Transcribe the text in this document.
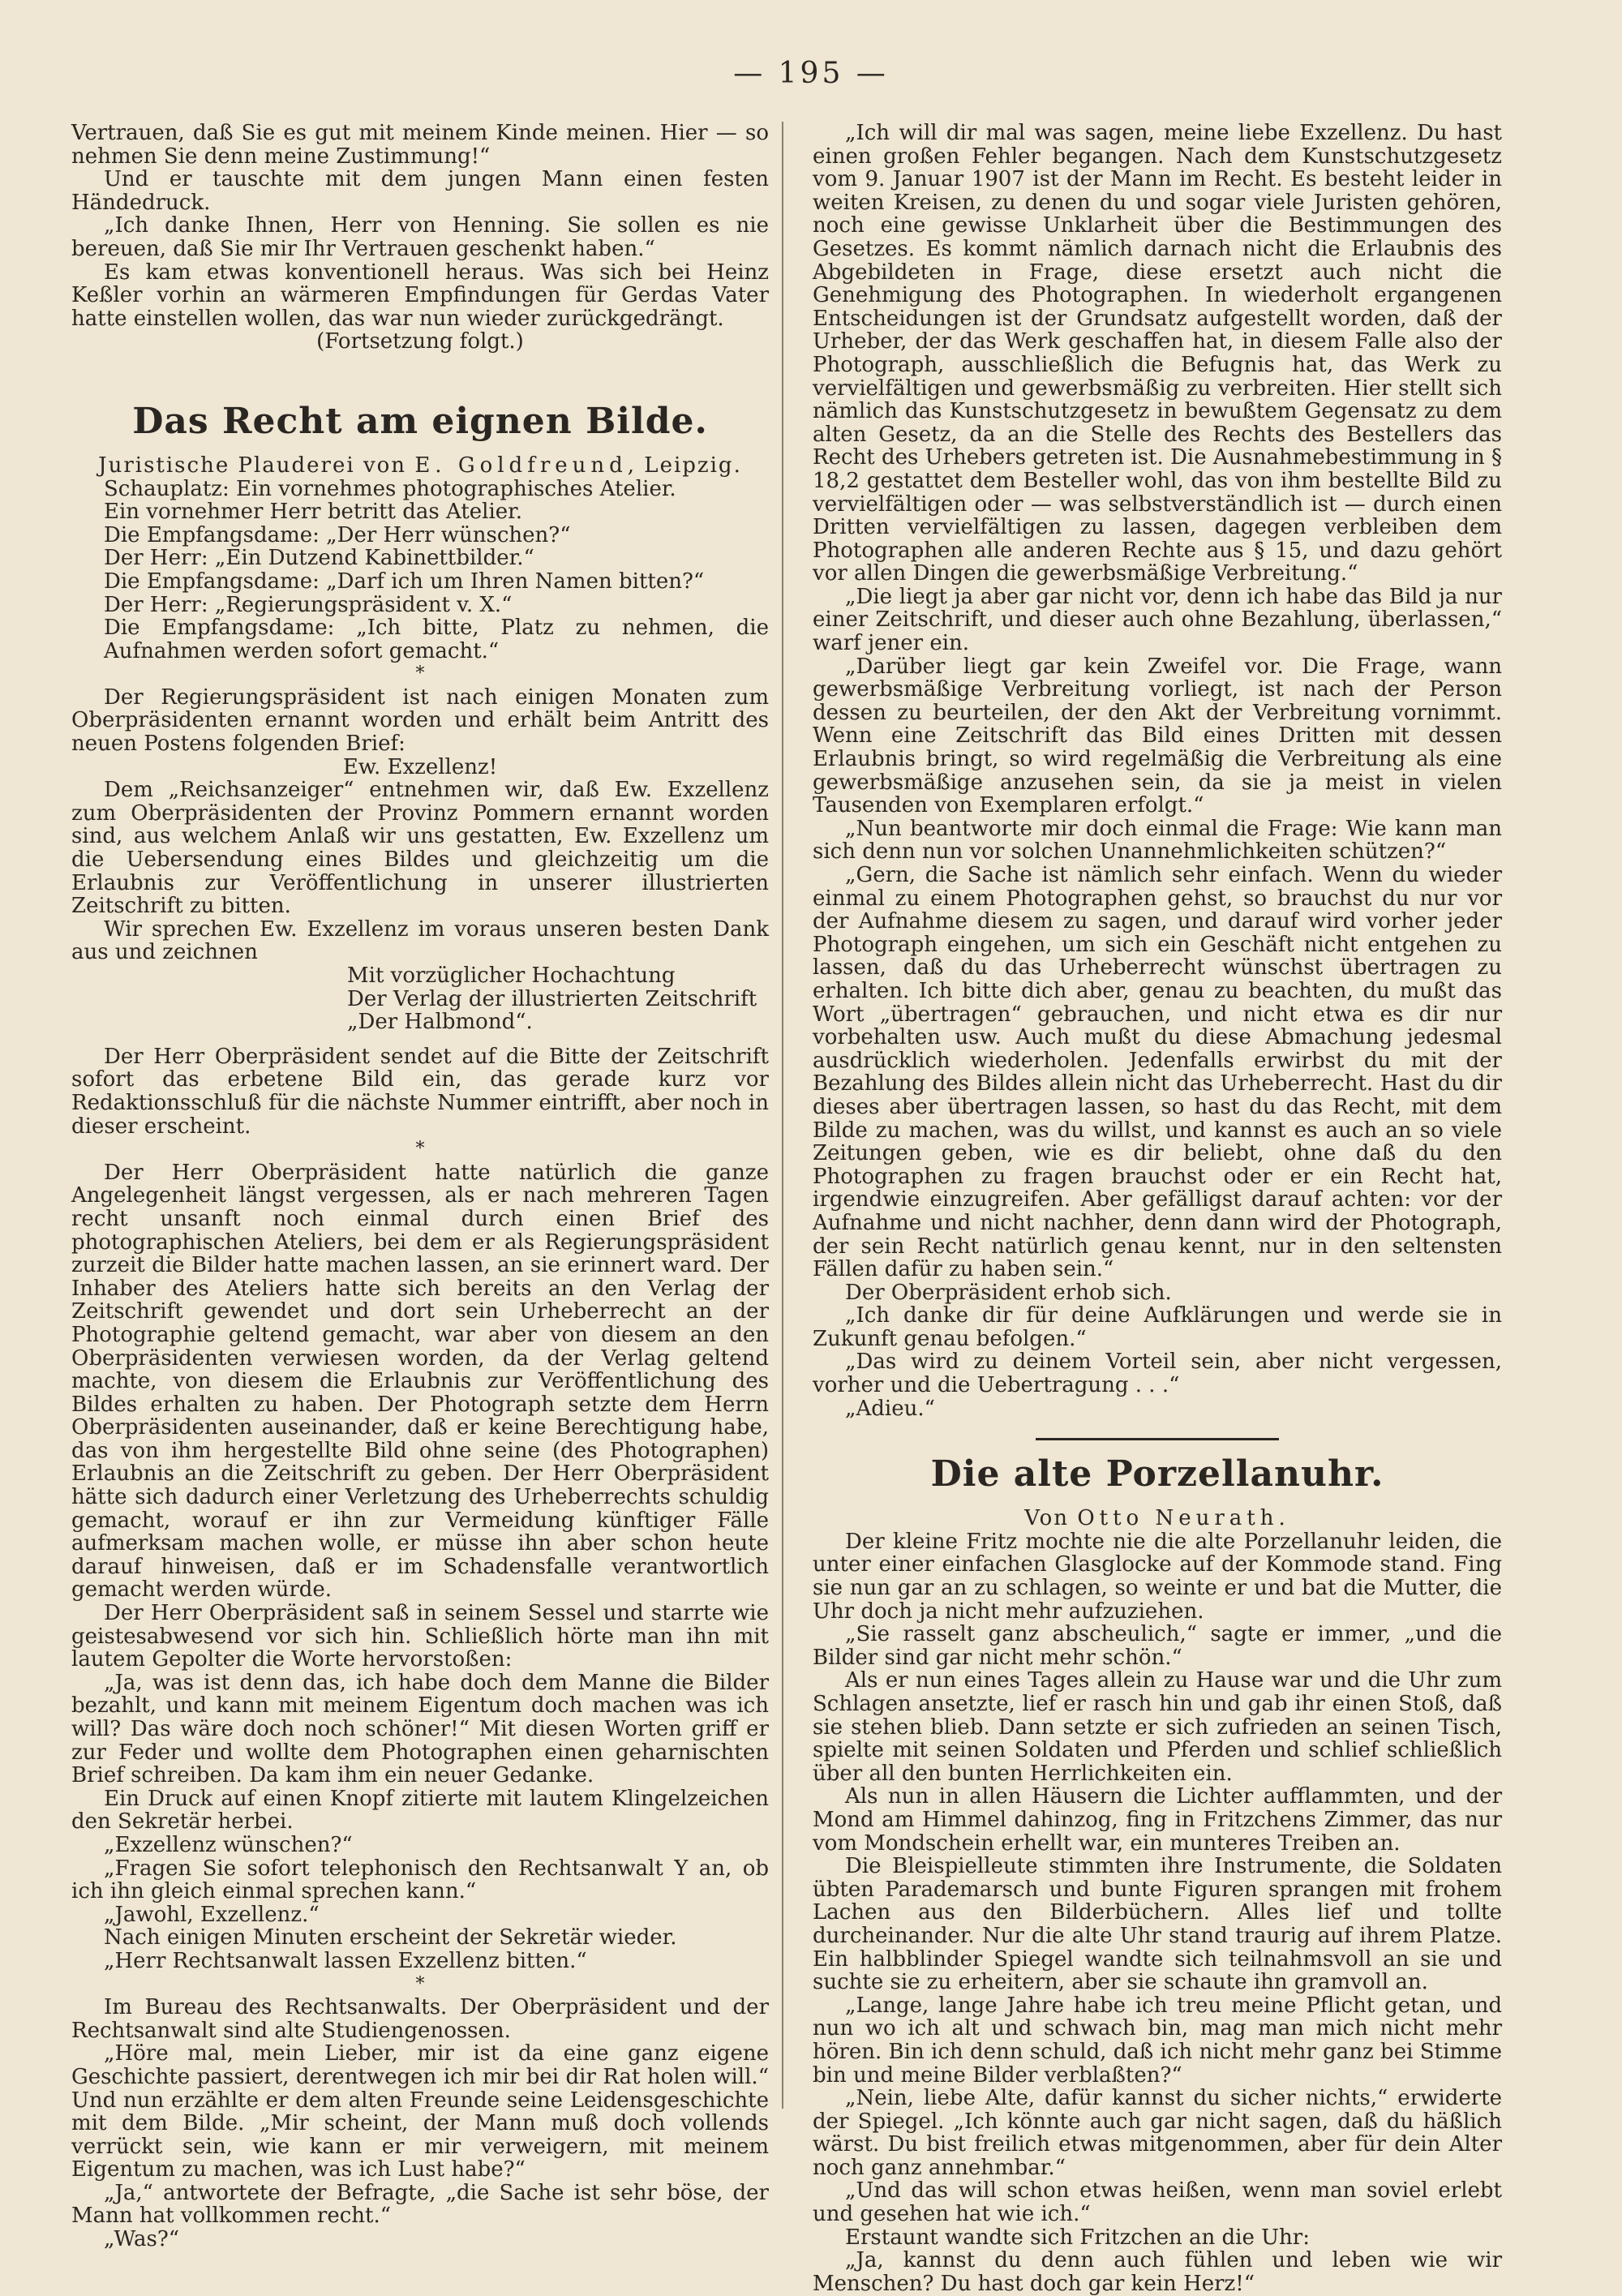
— 195 —

Vertrauen, daß Sie es gut mit meinem Kinde meinen. Hier — so nehmen Sie denn meine Zustimmung!“

Und er tauschte mit dem jungen Mann einen festen Händedruck.

„Ich danke Ihnen, Herr von Henning. Sie sollen es nie bereuen, daß Sie mir Ihr Vertrauen geschenkt haben.“

Es kam etwas konventionell heraus. Was sich bei Heinz Keßler vorhin an wärmeren Empfindungen für Gerdas Vater hatte einstellen wollen, das war nun wieder zurückgedrängt.

(Fortsetzung folgt.)

Das Recht am eignen Bilde.

Juristische Plauderei von E. Goldfreund, Leipzig.

Schauplatz: Ein vornehmes photographisches Atelier.

Ein vornehmer Herr betritt das Atelier.

Die Empfangsdame: „Der Herr wünschen?“

Der Herr: „Ein Dutzend Kabinettbilder.“

Die Empfangsdame: „Darf ich um Ihren Namen bitten?“

Der Herr: „Regierungspräsident v. X.“

Die Empfangsdame: „Ich bitte, Platz zu nehmen, die Aufnahmen werden sofort gemacht.“

*

Der Regierungspräsident ist nach einigen Monaten zum Oberpräsidenten ernannt worden und erhält beim Antritt des neuen Postens folgenden Brief:

Ew. Exzellenz!

Dem „Reichsanzeiger“ entnehmen wir, daß Ew. Exzellenz zum Oberpräsidenten der Provinz Pommern ernannt worden sind, aus welchem Anlaß wir uns gestatten, Ew. Exzellenz um die Uebersendung eines Bildes und gleichzeitig um die Erlaubnis zur Veröffentlichung in unserer illustrierten Zeitschrift zu bitten.

Wir sprechen Ew. Exzellenz im voraus unseren besten Dank aus und zeichnen

Mit vorzüglicher Hochachtung

Der Verlag der illustrierten Zeitschrift

„Der Halbmond“.

Der Herr Oberpräsident sendet auf die Bitte der Zeitschrift sofort das erbetene Bild ein, das gerade kurz vor Redaktionsschluß für die nächste Nummer eintrifft, aber noch in dieser erscheint.

*

Der Herr Oberpräsident hatte natürlich die ganze Angelegenheit längst vergessen, als er nach mehreren Tagen recht unsanft noch einmal durch einen Brief des photographischen Ateliers, bei dem er als Regierungspräsident zurzeit die Bilder hatte machen lassen, an sie erinnert ward. Der Inhaber des Ateliers hatte sich bereits an den Verlag der Zeitschrift gewendet und dort sein Urheberrecht an der Photographie geltend gemacht, war aber von diesem an den Oberpräsidenten verwiesen worden, da der Verlag geltend machte, von diesem die Erlaubnis zur Veröffentlichung des Bildes erhalten zu haben. Der Photograph setzte dem Herrn Oberpräsidenten auseinander, daß er keine Berechtigung habe, das von ihm hergestellte Bild ohne seine (des Photographen) Erlaubnis an die Zeitschrift zu geben. Der Herr Oberpräsident hätte sich dadurch einer Verletzung des Urheberrechts schuldig gemacht, worauf er ihn zur Vermeidung künftiger Fälle aufmerksam machen wolle, er müsse ihn aber schon heute darauf hinweisen, daß er im Schadensfalle verantwortlich gemacht werden würde.

Der Herr Oberpräsident saß in seinem Sessel und starrte wie geistesabwesend vor sich hin. Schließlich hörte man ihn mit lautem Gepolter die Worte hervorstoßen:

„Ja, was ist denn das, ich habe doch dem Manne die Bilder bezahlt, und kann mit meinem Eigentum doch machen was ich will? Das wäre doch noch schöner!“ Mit diesen Worten griff er zur Feder und wollte dem Photographen einen geharnischten Brief schreiben. Da kam ihm ein neuer Gedanke.

Ein Druck auf einen Knopf zitierte mit lautem Klingelzeichen den Sekretär herbei.

„Exzellenz wünschen?“

„Fragen Sie sofort telephonisch den Rechtsanwalt Y an, ob ich ihn gleich einmal sprechen kann.“

„Jawohl, Exzellenz.“

Nach einigen Minuten erscheint der Sekretär wieder.

„Herr Rechtsanwalt lassen Exzellenz bitten.“

*

Im Bureau des Rechtsanwalts. Der Oberpräsident und der Rechtsanwalt sind alte Studiengenossen.

„Höre mal, mein Lieber, mir ist da eine ganz eigene Geschichte passiert, derentwegen ich mir bei dir Rat holen will.“ Und nun erzählte er dem alten Freunde seine Leidensgeschichte mit dem Bilde. „Mir scheint, der Mann muß doch vollends verrückt sein, wie kann er mir verweigern, mit meinem Eigentum zu machen, was ich Lust habe?“

„Ja,“ antwortete der Befragte, „die Sache ist sehr böse, der Mann hat vollkommen recht.“

„Was?“

„Ich will dir mal was sagen, meine liebe Exzellenz. Du hast einen großen Fehler begangen. Nach dem Kunstschutzgesetz vom 9. Januar 1907 ist der Mann im Recht. Es besteht leider in weiten Kreisen, zu denen du und sogar viele Juristen gehören, noch eine gewisse Unklarheit über die Bestimmungen des Gesetzes. Es kommt nämlich darnach nicht die Erlaubnis des Abgebildeten in Frage, diese ersetzt auch nicht die Genehmigung des Photographen. In wiederholt ergangenen Entscheidungen ist der Grundsatz aufgestellt worden, daß der Urheber, der das Werk geschaffen hat, in diesem Falle also der Photograph, ausschließlich die Befugnis hat, das Werk zu vervielfältigen und gewerbsmäßig zu verbreiten. Hier stellt sich nämlich das Kunstschutzgesetz in bewußtem Gegensatz zu dem alten Gesetz, da an die Stelle des Rechts des Bestellers das Recht des Urhebers getreten ist. Die Ausnahmebestimmung in § 18,2 gestattet dem Besteller wohl, das von ihm bestellte Bild zu vervielfältigen oder — was selbstverständlich ist — durch einen Dritten vervielfältigen zu lassen, dagegen verbleiben dem Photographen alle anderen Rechte aus § 15, und dazu gehört vor allen Dingen die gewerbsmäßige Verbreitung.“

„Die liegt ja aber gar nicht vor, denn ich habe das Bild ja nur einer Zeitschrift, und dieser auch ohne Bezahlung, überlassen,“ warf jener ein.

„Darüber liegt gar kein Zweifel vor. Die Frage, wann gewerbsmäßige Verbreitung vorliegt, ist nach der Person dessen zu beurteilen, der den Akt der Verbreitung vornimmt. Wenn eine Zeitschrift das Bild eines Dritten mit dessen Erlaubnis bringt, so wird regelmäßig die Verbreitung als eine gewerbsmäßige anzusehen sein, da sie ja meist in vielen Tausenden von Exemplaren erfolgt.“

„Nun beantworte mir doch einmal die Frage: Wie kann man sich denn nun vor solchen Unannehmlichkeiten schützen?“

„Gern, die Sache ist nämlich sehr einfach. Wenn du wieder einmal zu einem Photographen gehst, so brauchst du nur vor der Aufnahme diesem zu sagen, und darauf wird vorher jeder Photograph eingehen, um sich ein Geschäft nicht entgehen zu lassen, daß du das Urheberrecht wünschst übertragen zu erhalten. Ich bitte dich aber, genau zu beachten, du mußt das Wort „übertragen“ gebrauchen, und nicht etwa es dir nur vorbehalten usw. Auch mußt du diese Abmachung jedesmal ausdrücklich wiederholen. Jedenfalls erwirbst du mit der Bezahlung des Bildes allein nicht das Urheberrecht. Hast du dir dieses aber übertragen lassen, so hast du das Recht, mit dem Bilde zu machen, was du willst, und kannst es auch an so viele Zeitungen geben, wie es dir beliebt, ohne daß du den Photographen zu fragen brauchst oder er ein Recht hat, irgendwie einzugreifen. Aber gefälligst darauf achten: vor der Aufnahme und nicht nachher, denn dann wird der Photograph, der sein Recht natürlich genau kennt, nur in den seltensten Fällen dafür zu haben sein.“

Der Oberpräsident erhob sich.

„Ich danke dir für deine Aufklärungen und werde sie in Zukunft genau befolgen.“

„Das wird zu deinem Vorteil sein, aber nicht vergessen, vorher und die Uebertragung . . .“

„Adieu.“

Die alte Porzellanuhr.

Von Otto Neurath.

Der kleine Fritz mochte nie die alte Porzellanuhr leiden, die unter einer einfachen Glasglocke auf der Kommode stand. Fing sie nun gar an zu schlagen, so weinte er und bat die Mutter, die Uhr doch ja nicht mehr aufzuziehen.

„Sie rasselt ganz abscheulich,“ sagte er immer, „und die Bilder sind gar nicht mehr schön.“

Als er nun eines Tages allein zu Hause war und die Uhr zum Schlagen ansetzte, lief er rasch hin und gab ihr einen Stoß, daß sie stehen blieb. Dann setzte er sich zufrieden an seinen Tisch, spielte mit seinen Soldaten und Pferden und schlief schließlich über all den bunten Herrlichkeiten ein.

Als nun in allen Häusern die Lichter aufflammten, und der Mond am Himmel dahinzog, fing in Fritzchens Zimmer, das nur vom Mondschein erhellt war, ein munteres Treiben an.

Die Bleispielleute stimmten ihre Instrumente, die Soldaten übten Parademarsch und bunte Figuren sprangen mit frohem Lachen aus den Bilderbüchern. Alles lief und tollte durcheinander. Nur die alte Uhr stand traurig auf ihrem Platze. Ein halbblinder Spiegel wandte sich teilnahmsvoll an sie und suchte sie zu erheitern, aber sie schaute ihn gramvoll an.

„Lange, lange Jahre habe ich treu meine Pflicht getan, und nun wo ich alt und schwach bin, mag man mich nicht mehr hören. Bin ich denn schuld, daß ich nicht mehr ganz bei Stimme bin und meine Bilder verblaßten?“

„Nein, liebe Alte, dafür kannst du sicher nichts,“ erwiderte der Spiegel. „Ich könnte auch gar nicht sagen, daß du häßlich wärst. Du bist freilich etwas mitgenommen, aber für dein Alter noch ganz annehmbar.“

„Und das will schon etwas heißen, wenn man soviel erlebt und gesehen hat wie ich.“

Erstaunt wandte sich Fritzchen an die Uhr:

„Ja, kannst du denn auch fühlen und leben wie wir Menschen? Du hast doch gar kein Herz!“
